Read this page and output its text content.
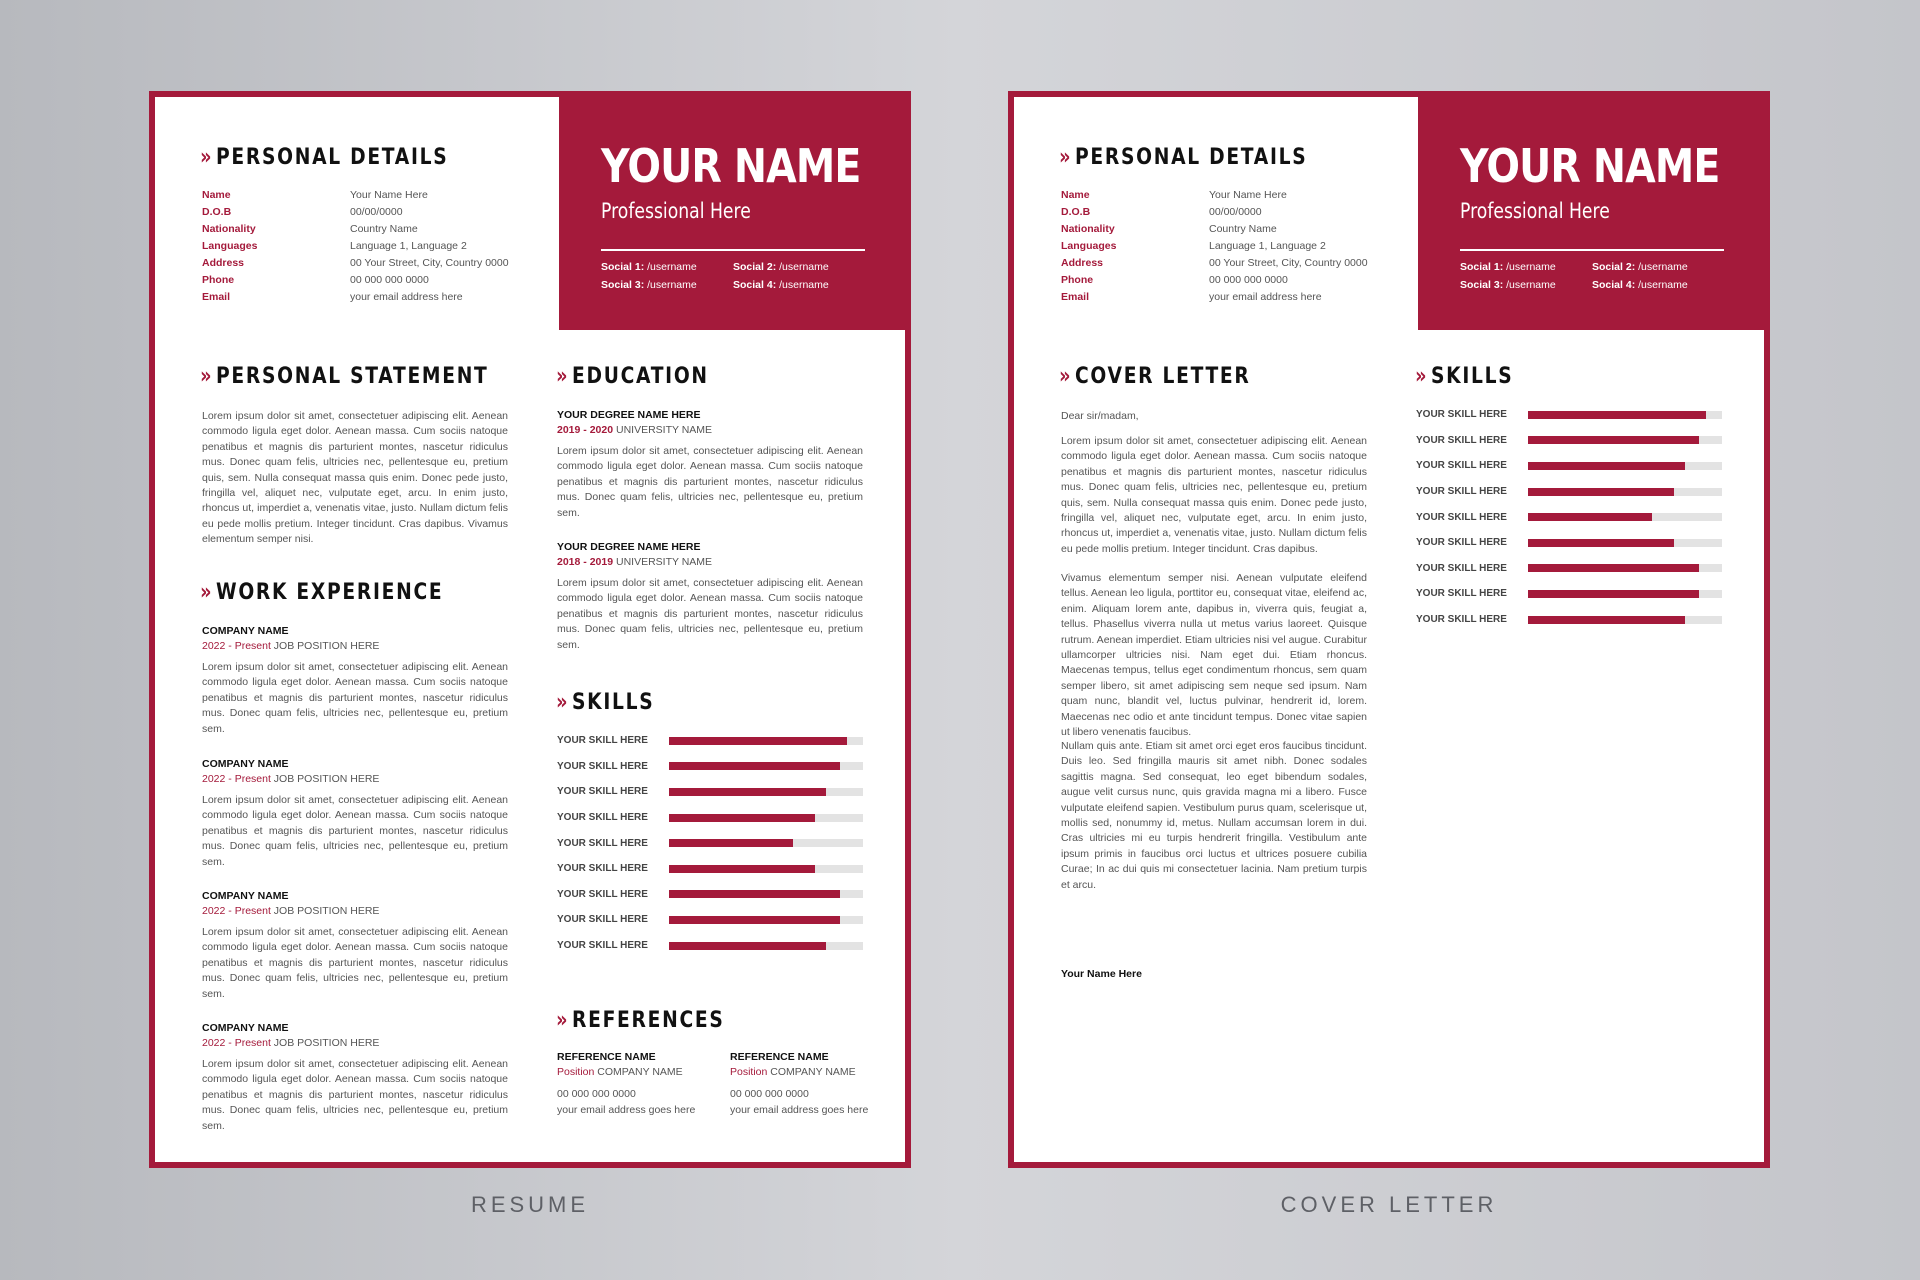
YOUR NAME
Professional Here
Social 1: /username	Social 2: /username
Social 3: /username	Social 4: /username
» PERSONAL DETAILS
Name	Your Name Here
D.O.B	00/00/0000
Nationality	Country Name
Languages	Language 1, Language 2
Address	00 Your Street, City, Country 0000
Phone	00 000 000 0000
Email	your email address here
» PERSONAL STATEMENT
Lorem ipsum dolor sit amet, consectetuer adipiscing elit. Aenean commodo ligula eget dolor. Aenean massa. Cum sociis natoque penatibus et magnis dis parturient montes, nascetur ridiculus mus. Donec quam felis, ultricies nec, pellentesque eu, pretium quis, sem. Nulla consequat massa quis enim. Donec pede justo, fringilla vel, aliquet nec, vulputate eget, arcu. In enim justo, rhoncus ut, imperdiet a, venenatis vitae, justo. Nullam dictum felis eu pede mollis pretium. Integer tincidunt. Cras dapibus. Vivamus elementum semper nisi.
» WORK EXPERIENCE
COMPANY NAME
2022 - Present JOB POSITION HERE
Lorem ipsum dolor sit amet, consectetuer adipiscing elit. Aenean commodo ligula eget dolor. Aenean massa. Cum sociis natoque penatibus et magnis dis parturient montes, nascetur ridiculus mus. Donec quam felis, ultricies nec, pellentesque eu, pretium sem.
COMPANY NAME
2022 - Present JOB POSITION HERE
Lorem ipsum dolor sit amet, consectetuer adipiscing elit. Aenean commodo ligula eget dolor. Aenean massa. Cum sociis natoque penatibus et magnis dis parturient montes, nascetur ridiculus mus. Donec quam felis, ultricies nec, pellentesque eu, pretium sem.
COMPANY NAME
2022 - Present JOB POSITION HERE
Lorem ipsum dolor sit amet, consectetuer adipiscing elit. Aenean commodo ligula eget dolor. Aenean massa. Cum sociis natoque penatibus et magnis dis parturient montes, nascetur ridiculus mus. Donec quam felis, ultricies nec, pellentesque eu, pretium sem.
COMPANY NAME
2022 - Present JOB POSITION HERE
Lorem ipsum dolor sit amet, consectetuer adipiscing elit. Aenean commodo ligula eget dolor. Aenean massa. Cum sociis natoque penatibus et magnis dis parturient montes, nascetur ridiculus mus. Donec quam felis, ultricies nec, pellentesque eu, pretium sem.
» EDUCATION
YOUR DEGREE NAME HERE
2019 - 2020 UNIVERSITY NAME
Lorem ipsum dolor sit amet, consectetuer adipiscing elit. Aenean commodo ligula eget dolor. Aenean massa. Cum sociis natoque penatibus et magnis dis parturient montes, nascetur ridiculus mus. Donec quam felis, ultricies nec, pellentesque eu, pretium sem.
YOUR DEGREE NAME HERE
2018 - 2019 UNIVERSITY NAME
Lorem ipsum dolor sit amet, consectetuer adipiscing elit. Aenean commodo ligula eget dolor. Aenean massa. Cum sociis natoque penatibus et magnis dis parturient montes, nascetur ridiculus mus. Donec quam felis, ultricies nec, pellentesque eu, pretium sem.
» SKILLS
YOUR SKILL HERE
YOUR SKILL HERE
YOUR SKILL HERE
YOUR SKILL HERE
YOUR SKILL HERE
YOUR SKILL HERE
YOUR SKILL HERE
YOUR SKILL HERE
YOUR SKILL HERE
» REFERENCES
REFERENCE NAME
Position COMPANY NAME
00 000 000 0000
your email address goes here
REFERENCE NAME
Position COMPANY NAME
00 000 000 0000
your email address goes here
YOUR NAME
Professional Here
Social 1: /username	Social 2: /username
Social 3: /username	Social 4: /username
» PERSONAL DETAILS
Name	Your Name Here
D.O.B	00/00/0000
Nationality	Country Name
Languages	Language 1, Language 2
Address	00 Your Street, City, Country 0000
Phone	00 000 000 0000
Email	your email address here
» COVER LETTER
Dear sir/madam,
Lorem ipsum dolor sit amet, consectetuer adipiscing elit. Aenean commodo ligula eget dolor. Aenean massa. Cum sociis natoque penatibus et magnis dis parturient montes, nascetur ridiculus mus. Donec quam felis, ultricies nec, pellentesque eu, pretium quis, sem. Nulla consequat massa quis enim. Donec pede justo, fringilla vel, aliquet nec, vulputate eget, arcu. In enim justo, rhoncus ut, imperdiet a, venenatis vitae, justo. Nullam dictum felis eu pede mollis pretium. Integer tincidunt. Cras dapibus.
Vivamus elementum semper nisi. Aenean vulputate eleifend tellus. Aenean leo ligula, porttitor eu, consequat vitae, eleifend ac, enim. Aliquam lorem ante, dapibus in, viverra quis, feugiat a, tellus. Phasellus viverra nulla ut metus varius laoreet. Quisque rutrum. Aenean imperdiet. Etiam ultricies nisi vel augue. Curabitur ullamcorper ultricies nisi. Nam eget dui. Etiam rhoncus. Maecenas tempus, tellus eget condimentum rhoncus, sem quam semper libero, sit amet adipiscing sem neque sed ipsum. Nam quam nunc, blandit vel, luctus pulvinar, hendrerit id, lorem. Maecenas nec odio et ante tincidunt tempus. Donec vitae sapien ut libero venenatis faucibus.
Nullam quis ante. Etiam sit amet orci eget eros faucibus tincidunt. Duis leo. Sed fringilla mauris sit amet nibh. Donec sodales sagittis magna. Sed consequat, leo eget bibendum sodales, augue velit cursus nunc, quis gravida magna mi a libero. Fusce vulputate eleifend sapien. Vestibulum purus quam, scelerisque ut, mollis sed, nonummy id, metus. Nullam accumsan lorem in dui. Cras ultricies mi eu turpis hendrerit fringilla. Vestibulum ante ipsum primis in faucibus orci luctus et ultrices posuere cubilia Curae; In ac dui quis mi consectetuer lacinia. Nam pretium turpis et arcu.
Your Name Here
» SKILLS
YOUR SKILL HERE
YOUR SKILL HERE
YOUR SKILL HERE
YOUR SKILL HERE
YOUR SKILL HERE
YOUR SKILL HERE
YOUR SKILL HERE
YOUR SKILL HERE
YOUR SKILL HERE
RESUME	COVER LETTER
